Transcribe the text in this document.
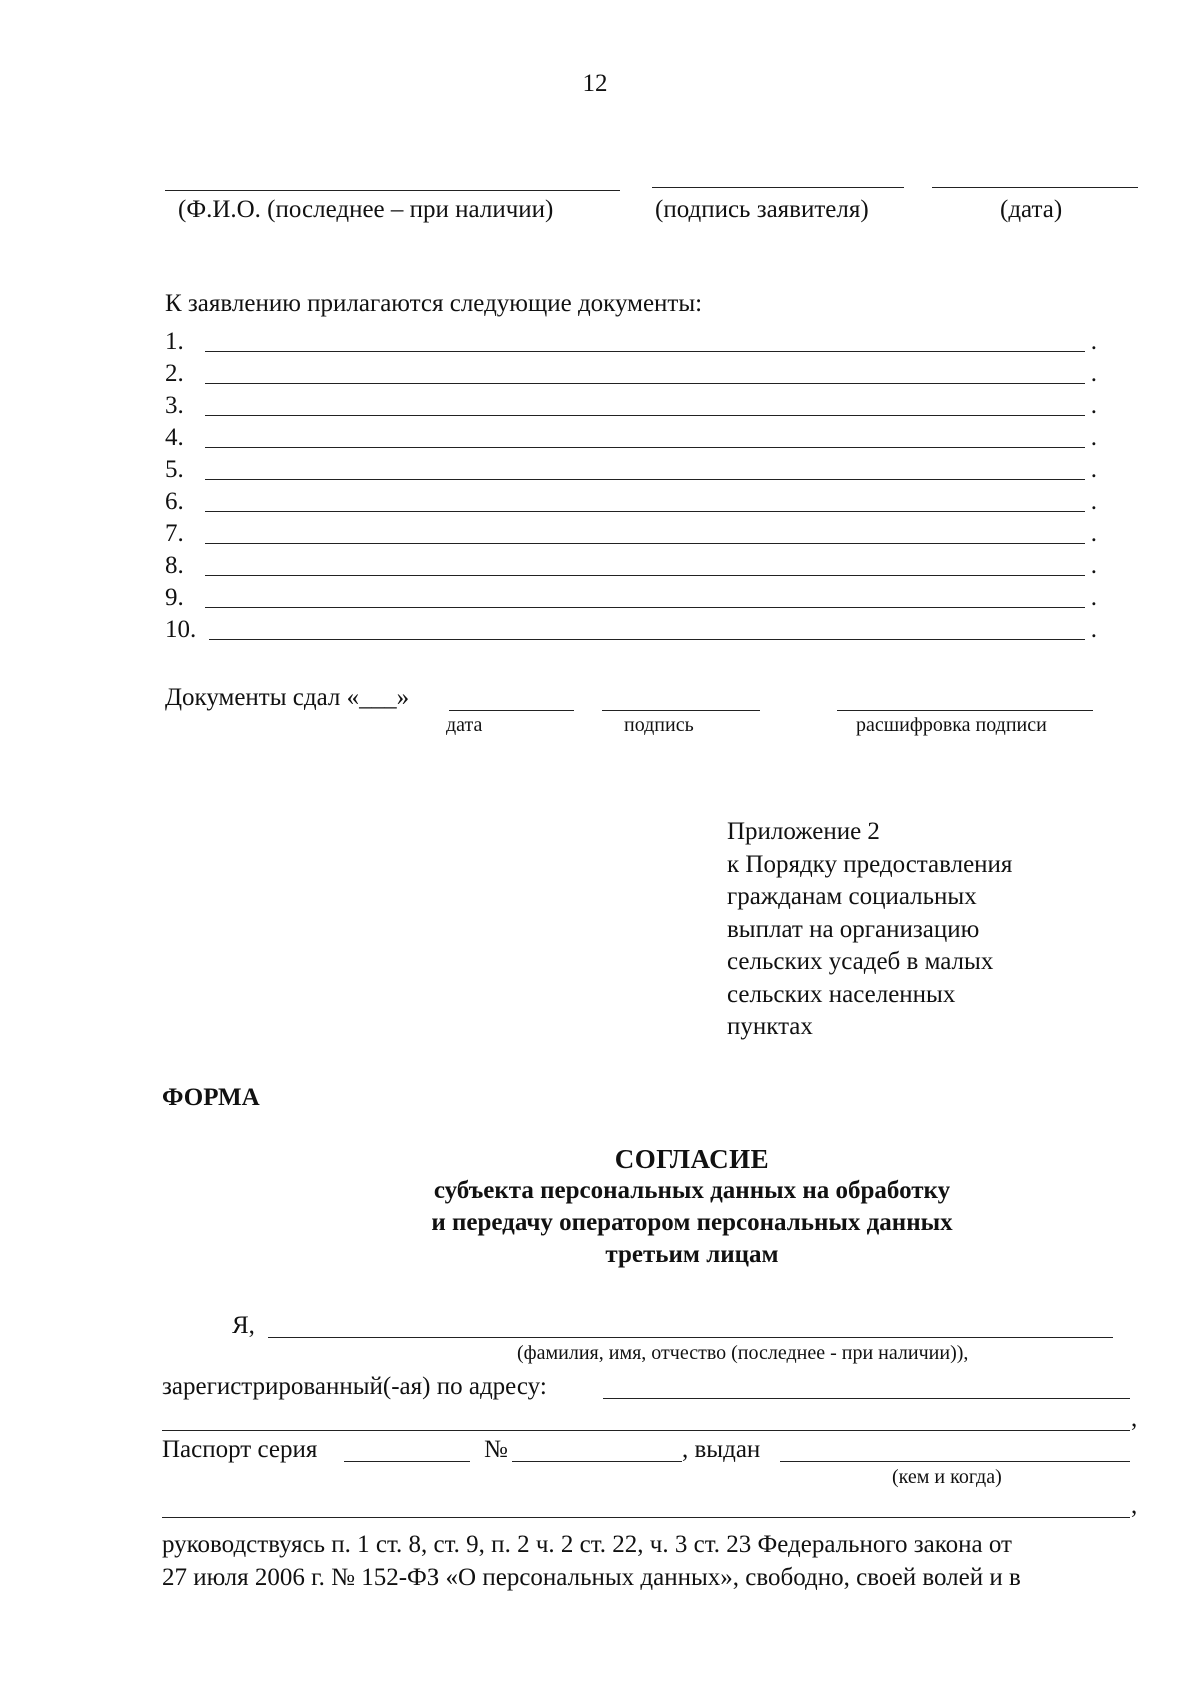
12
(Ф.И.О. (последнее – при наличии)	(подпись заявителя)	(дата)
К заявлению прилагаются следующие документы:
1.	.
2.	.
3.	.
4.	.
5.	.
6.	.
7.	.
8.	.
9.	.
10.	.
Документы сдал «___»
дата	подпись	расшифровка подписи

Приложение 2

к Порядку предоставления

гражданам социальных

выплат на организацию

сельских усадеб в малых

сельских населенных

пунктах

ФОРМА
СОГЛАСИЕ
субъекта персональных данных на обработку
и передачу оператором персональных данных
третьим лицам
Я,
(фамилия, имя, отчество (последнее - при наличии)),
зарегистрированный(-ая) по адресу:
,
Паспорт серия	№	, выдан
(кем и когда)
,

руководствуясь п. 1 ст. 8, ст. 9, п. 2 ч. 2 ст. 22, ч. 3 ст. 23 Федерального закона от

27 июля 2006 г. № 152-ФЗ «О персональных данных», свободно, своей волей и в
